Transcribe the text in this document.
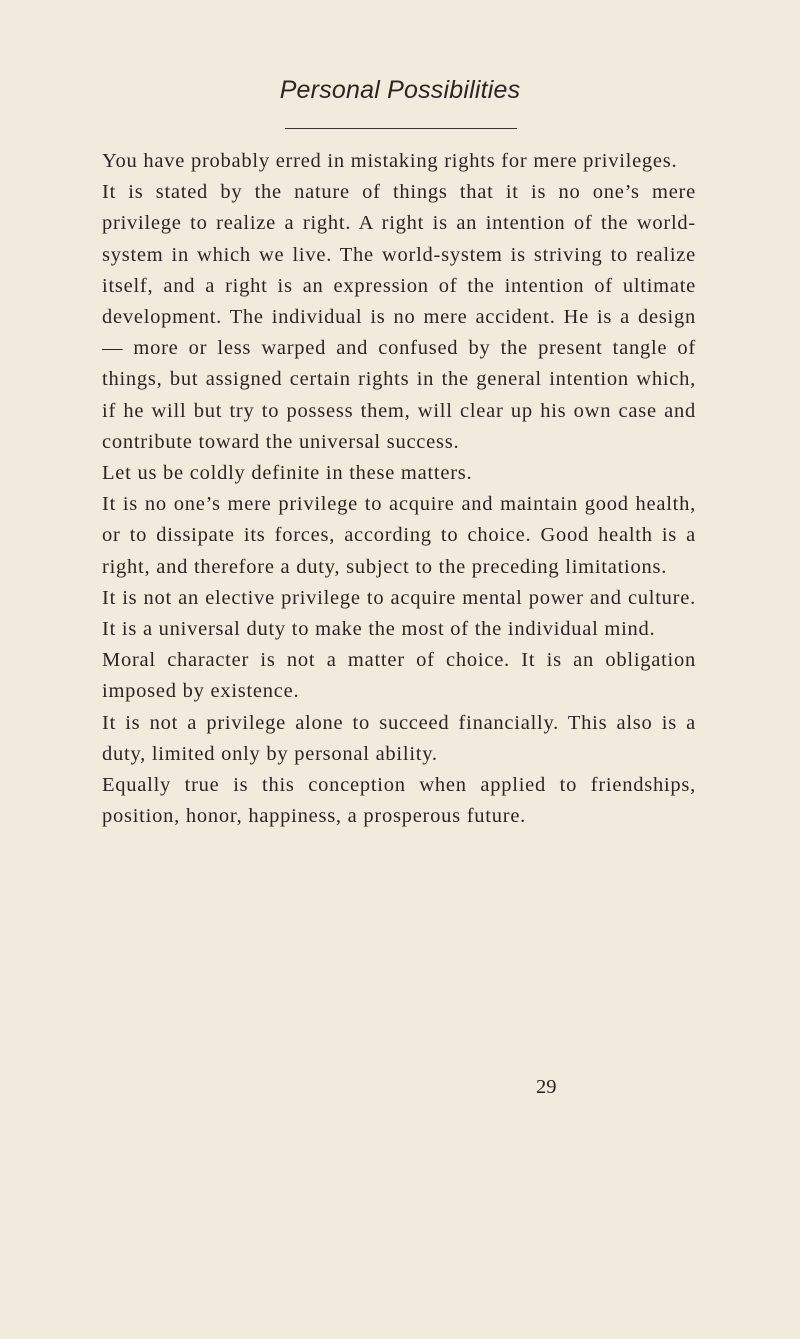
Personal Possibilities

You have probably erred in mistaking rights for mere privileges.

It is stated by the nature of things that it is no one’s mere privilege to realize a right. A right is an intention of the world-system in which we live. The world-system is striving to realize itself, and a right is an expression of the intention of ultimate development. The individual is no mere accident. He is a design — more or less warped and confused by the present tangle of things, but assigned certain rights in the general intention which, if he will but try to possess them, will clear up his own case and contribute toward the universal success.

Let us be coldly definite in these matters.

It is no one’s mere privilege to acquire and maintain good health, or to dissipate its forces, according to choice. Good health is a right, and therefore a duty, subject to the preceding limitations.

It is not an elective privilege to acquire mental power and culture. It is a universal duty to make the most of the individual mind.

Moral character is not a matter of choice. It is an obligation imposed by existence.

It is not a privilege alone to succeed financially. This also is a duty, limited only by personal ability.

Equally true is this conception when applied to friendships, position, honor, happiness, a prosperous future.

29
